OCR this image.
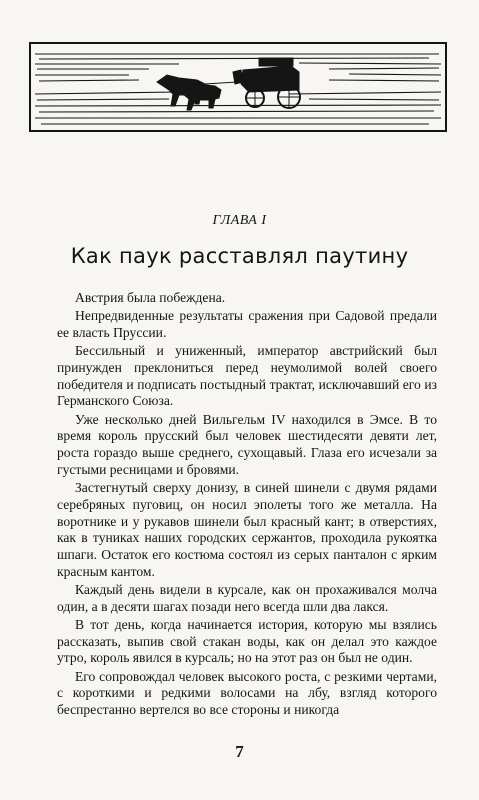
ГЛАВА I
Как паук расставлял паутину

Австрия была побеждена.

Непредвиденные результаты сражения при Садовой предали ее власть Пруссии.

Бессильный и униженный, император австрийский был принужден преклониться перед неумолимой волей своего победителя и подписать постыдный трактат, исключавший его из Германского Союза.

Уже несколько дней Вильгельм IV находился в Эмсе. В то время король прусский был человек шестидесяти девяти лет, роста гораздо выше среднего, сухощавый. Глаза его исчезали за густыми ресницами и бровями.

Застегнутый сверху донизу, в синей шинели с двумя рядами серебряных пуговиц, он носил эполеты того же металла. На воротнике и у рукавов шинели был красный кант; в отверстиях, как в туниках наших городских сержантов, проходила рукоятка шпаги. Остаток его костюма состоял из серых панталон с ярким красным кантом.

Каждый день видели в курсале, как он прохаживался молча один, а в десяти шагах позади него всегда шли два лакся.

В тот день, когда начинается история, которую мы взялись рассказать, выпив свой стакан воды, как он делал это каждое утро, король явился в курсаль; но на этот раз он был не один.

Его сопровождал человек высокого роста, с резкими чертами, с короткими и редкими волосами на лбу, взгляд которого беспрестанно вертелся во все стороны и никогда

7
